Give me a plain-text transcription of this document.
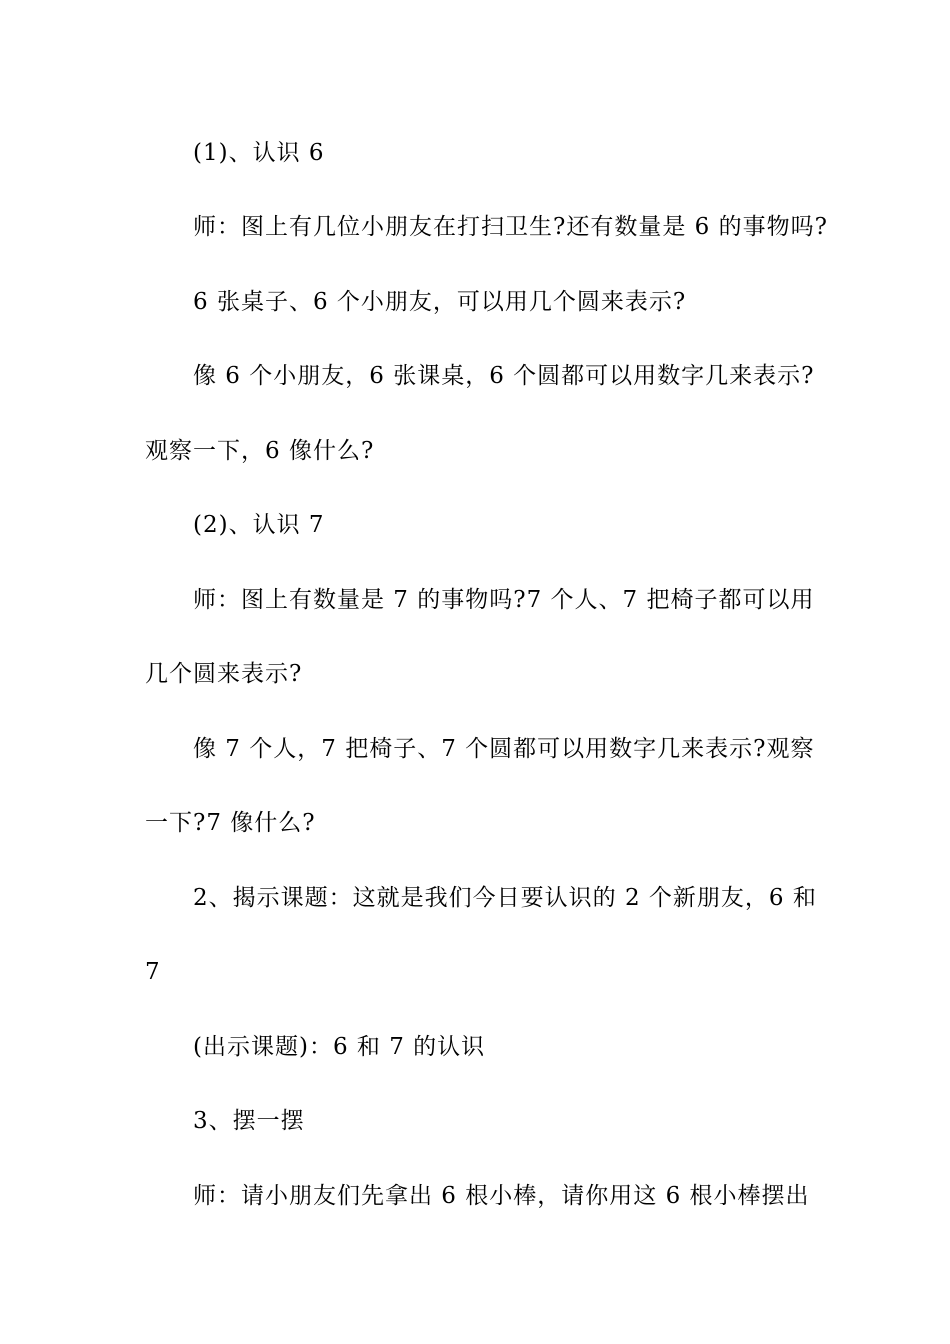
(1)、认识 6
师：图上有几位小朋友在打扫卫生?还有数量是 6 的事物吗?
6 张桌子、6 个小朋友，可以用几个圆来表示?
像 6 个小朋友，6 张课桌，6 个圆都可以用数字几来表示?
观察一下，6 像什么?
(2)、认识 7
师：图上有数量是 7 的事物吗?7 个人、7 把椅子都可以用
几个圆来表示?
像 7 个人，7 把椅子、7 个圆都可以用数字几来表示?观察
一下?7 像什么?
2、揭示课题：这就是我们今日要认识的 2 个新朋友，6 和
7
(出示课题)：6 和 7 的认识
3、摆一摆
师：请小朋友们先拿出 6 根小棒，请你用这 6 根小棒摆出
